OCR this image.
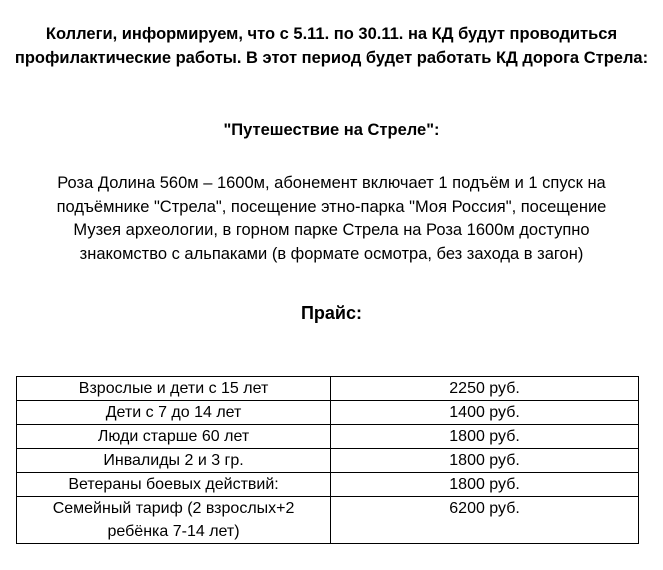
Коллеги, информируем, что с 5.11. по 30.11. на КД будут проводиться
профилактические работы. В этот период будет работать КД дорога Стрела:
"Путешествие на Стреле":
Роза Долина 560м – 1600м, абонемент включает 1 подъём и 1 спуск на
подъёмнике "Стрела", посещение этно-парка "Моя Россия", посещение
Музея археологии, в горном парке Стрела на Роза 1600м доступно
знакомство с альпаками (в формате осмотра, без захода в загон)
Прайс:
Взрослые и дети с 15 лет	2250 руб.
Дети с 7 до 14 лет	1400 руб.
Люди старше 60 лет	1800 руб.
Инвалиды 2 и 3 гр.	1800 руб.
Ветераны боевых действий:	1800 руб.

Семейный тариф (2 взрослых+2
ребёнка 7-14 лет)	6200 руб.
